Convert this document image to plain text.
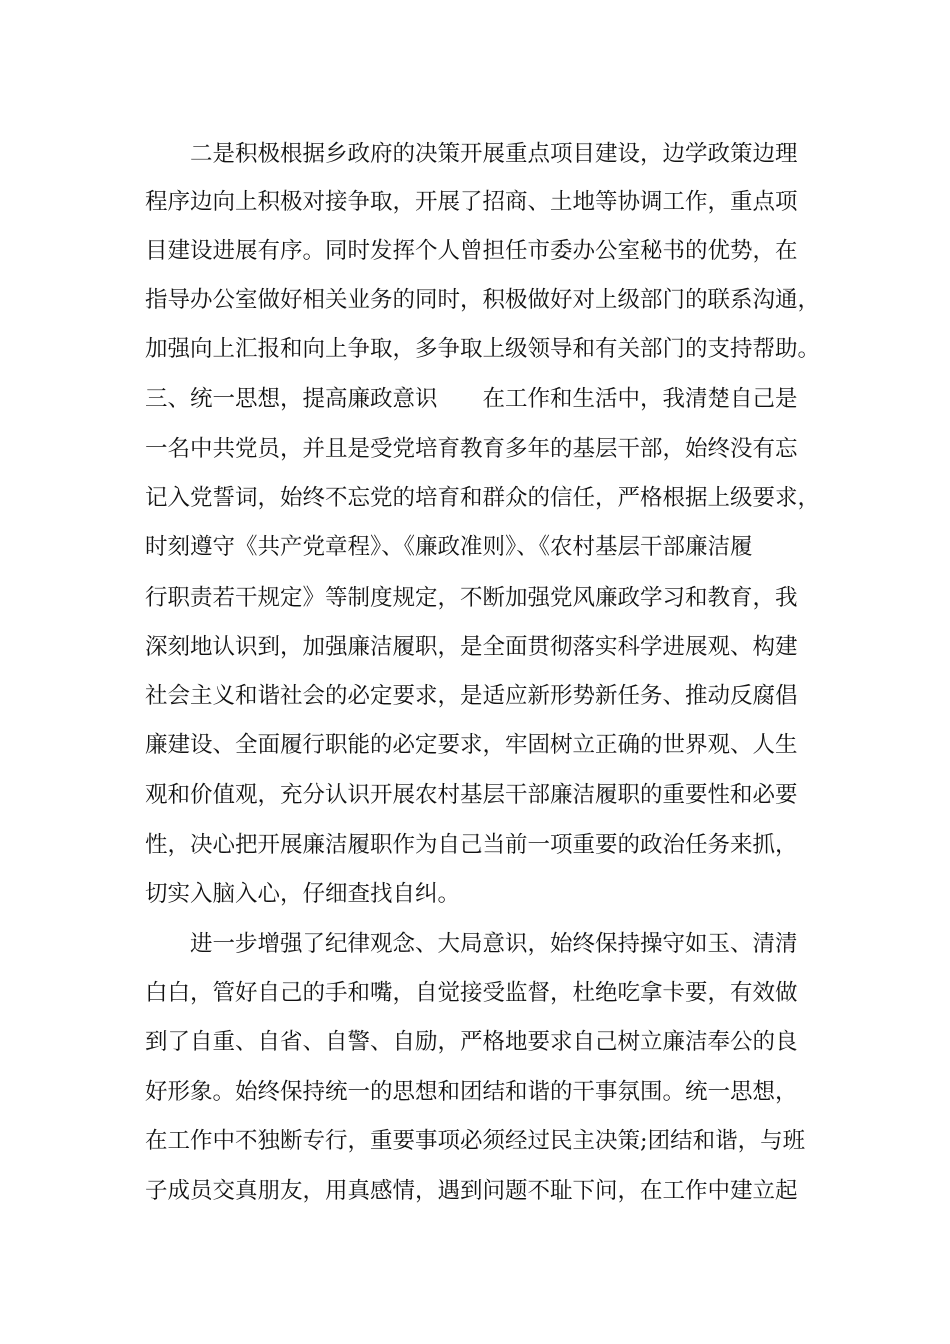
二是积极根据乡政府的决策开展重点项目建设，边学政策边理
程序边向上积极对接争取，开展了招商、土地等协调工作，重点项
目建设进展有序。同时发挥个人曾担任市委办公室秘书的优势，在
指导办公室做好相关业务的同时，积极做好对上级部门的联系沟通，
加强向上汇报和向上争取，多争取上级领导和有关部门的支持帮助。
三、统一思想，提高廉政意识　　在工作和生活中，我清楚自己是
一名中共党员，并且是受党培育教育多年的基层干部，始终没有忘
记入党誓词，始终不忘党的培育和群众的信任，严格根据上级要求，
时刻遵守《共产党章程》、《廉政准则》、《农村基层干部廉洁履
行职责若干规定》等制度规定，不断加强党风廉政学习和教育，我
深刻地认识到，加强廉洁履职，是全面贯彻落实科学进展观、构建
社会主义和谐社会的必定要求，是适应新形势新任务、推动反腐倡
廉建设、全面履行职能的必定要求，牢固树立正确的世界观、人生
观和价值观，充分认识开展农村基层干部廉洁履职的重要性和必要
性，决心把开展廉洁履职作为自己当前一项重要的政治任务来抓，
切实入脑入心，仔细查找自纠。
进一步增强了纪律观念、大局意识，始终保持操守如玉、清清
白白，管好自己的手和嘴，自觉接受监督，杜绝吃拿卡要，有效做
到了自重、自省、自警、自励，严格地要求自己树立廉洁奉公的良
好形象。始终保持统一的思想和团结和谐的干事氛围。统一思想，
在工作中不独断专行，重要事项必须经过民主决策;团结和谐，与班
子成员交真朋友，用真感情，遇到问题不耻下问，在工作中建立起
